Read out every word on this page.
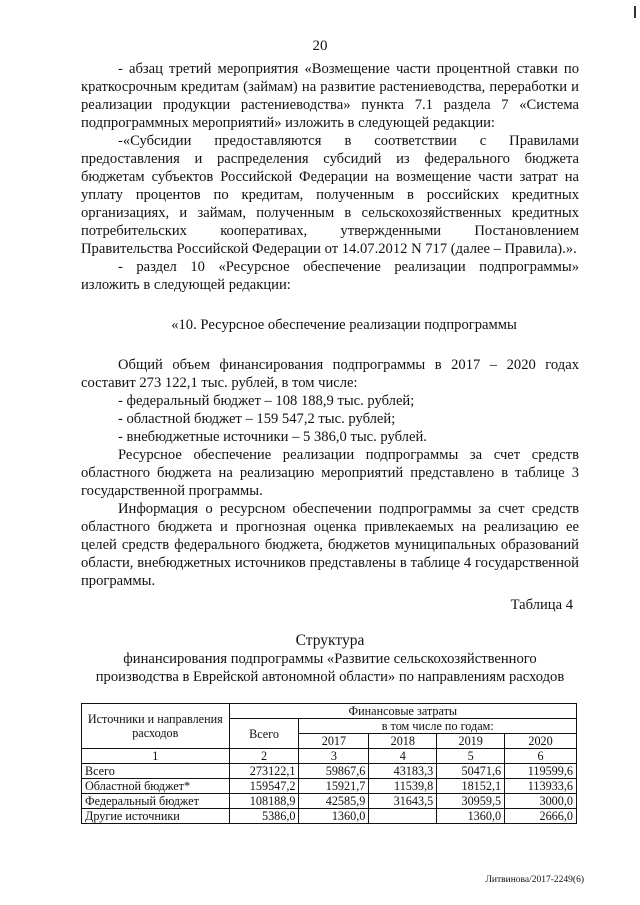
20

- абзац третий мероприятия «Возмещение части процентной ставки по краткосрочным кредитам (займам) на развитие растениеводства, переработки и реализации продукции растениеводства» пункта 7.1 раздела 7 «Система подпрограммных мероприятий» изложить в следующей редакции:

-«Субсидии предоставляются в соответствии с Правилами предоставления и распределения субсидий из федерального бюджета бюджетам субъектов Российской Федерации на возмещение части затрат на уплату процентов по кредитам, полученным в российских кредитных организациях, и займам, полученным в сельскохозяйственных кредитных потребительских кооперативах, утвержденными Постановлением Правительства Российской Федерации от 14.07.2012 N 717 (далее – Правила).».

- раздел 10 «Ресурсное обеспечение реализации подпрограммы» изложить в следующей редакции:

«10. Ресурсное обеспечение реализации подпрограммы

Общий объем финансирования подпрограммы в 2017 – 2020 годах составит 273 122,1 тыс. рублей, в том числе:

- федеральный бюджет – 108 188,9 тыс. рублей;

- областной бюджет – 159 547,2 тыс. рублей;

- внебюджетные источники – 5 386,0 тыс. рублей.

Ресурсное обеспечение реализации подпрограммы за счет средств областного бюджета на реализацию мероприятий представлено в таблице 3 государственной программы.

Информация о ресурсном обеспечении подпрограммы за счет средств областного бюджета и прогнозная оценка привлекаемых на реализацию ее целей средств федерального бюджета, бюджетов муниципальных образований области, внебюджетных источников представлены в таблице 4 государственной программы.

Таблица 4
Структура
финансирования подпрограммы «Развитие сельскохозяйственного
производства в Еврейской автономной области» по направлениям расходов
Источники и направления расходов	Финансовые затраты				
	Всего	в том числе по годам:			
		2017	2018	2019	2020
1	2	3	4	5	6
Всего	273122,1	59867,6	43183,3	50471,6	119599,6
Областной бюджет*	159547,2	15921,7	11539,8	18152,1	113933,6
Федеральный бюджет	108188,9	42585,9	31643,5	30959,5	3000,0
Другие источники	5386,0	1360,0		1360,0	2666,0
Литвинова/2017-2249(6)
